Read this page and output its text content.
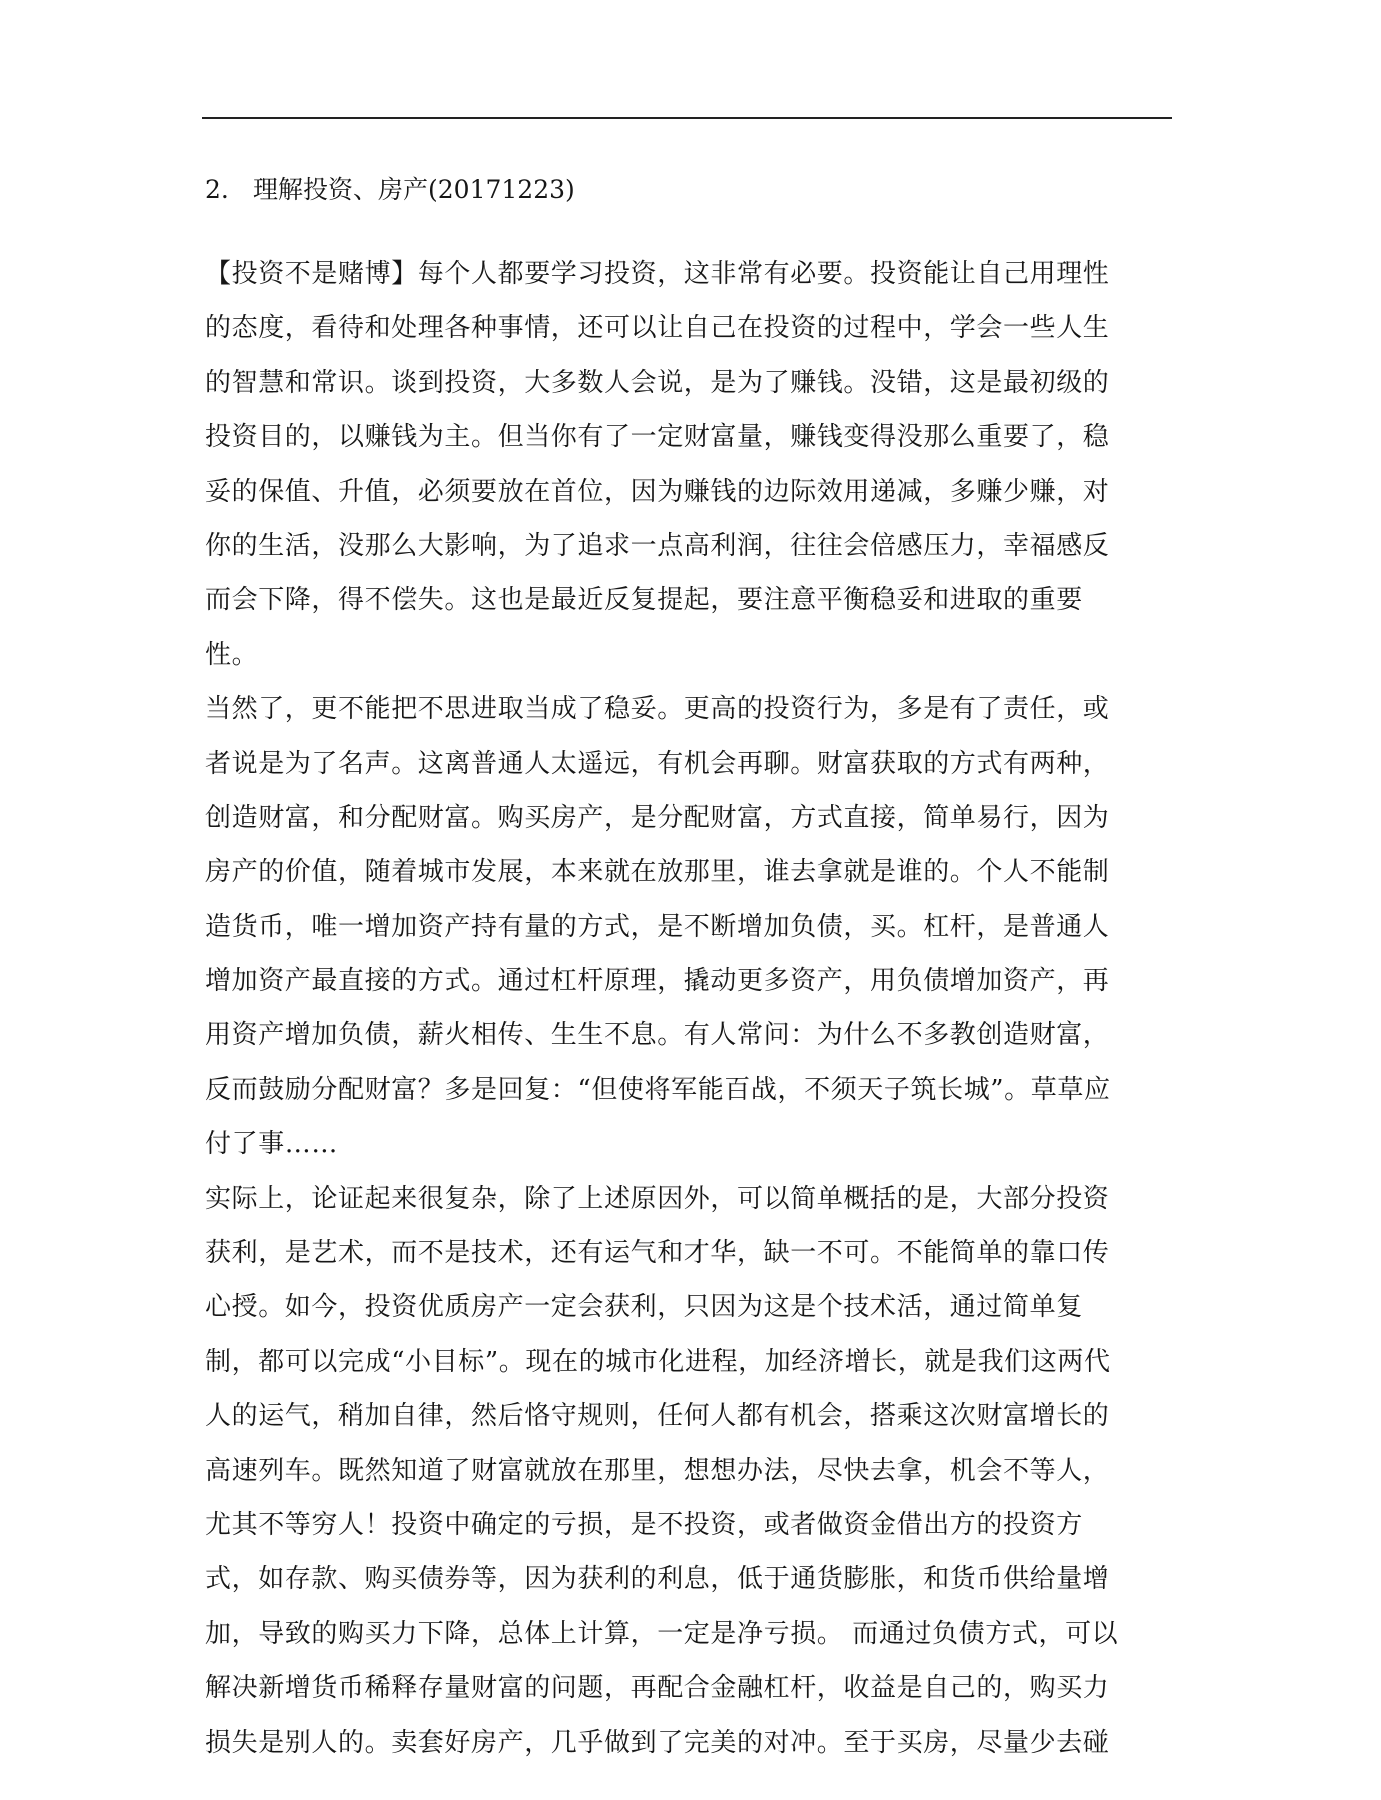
2. 理解投资、房产(20171223)
【投资不是赌博】每个人都要学习投资，这非常有必要。投资能让自己用理性
的态度，看待和处理各种事情，还可以让自己在投资的过程中，学会一些人生
的智慧和常识。谈到投资，大多数人会说，是为了赚钱。没错，这是最初级的
投资目的，以赚钱为主。但当你有了一定财富量，赚钱变得没那么重要了，稳
妥的保值、升值，必须要放在首位，因为赚钱的边际效用递减，多赚少赚，对
你的生活，没那么大影响，为了追求一点高利润，往往会倍感压力，幸福感反
而会下降，得不偿失。这也是最近反复提起，要注意平衡稳妥和进取的重要
性。
当然了，更不能把不思进取当成了稳妥。更高的投资行为，多是有了责任，或
者说是为了名声。这离普通人太遥远，有机会再聊。财富获取的方式有两种，
创造财富，和分配财富。购买房产，是分配财富，方式直接，简单易行，因为
房产的价值，随着城市发展，本来就在放那里，谁去拿就是谁的。个人不能制
造货币，唯一增加资产持有量的方式，是不断增加负债，买。杠杆，是普通人
增加资产最直接的方式。通过杠杆原理，撬动更多资产，用负债增加资产，再
用资产增加负债，薪火相传、生生不息。有人常问：为什么不多教创造财富，
反而鼓励分配财富？多是回复：“但使将军能百战，不须天子筑长城”。草草应
付了事……
实际上，论证起来很复杂，除了上述原因外，可以简单概括的是，大部分投资
获利，是艺术，而不是技术，还有运气和才华，缺一不可。不能简单的靠口传
心授。如今，投资优质房产一定会获利，只因为这是个技术活，通过简单复
制，都可以完成“小目标”。现在的城市化进程，加经济增长，就是我们这两代
人的运气，稍加自律，然后恪守规则，任何人都有机会，搭乘这次财富增长的
高速列车。既然知道了财富就放在那里，想想办法，尽快去拿，机会不等人，
尤其不等穷人！投资中确定的亏损，是不投资，或者做资金借出方的投资方
式，如存款、购买债券等，因为获利的利息，低于通货膨胀，和货币供给量增
加，导致的购买力下降，总体上计算，一定是净亏损。 而通过负债方式，可以
解决新增货币稀释存量财富的问题，再配合金融杠杆，收益是自己的，购买力
损失是别人的。卖套好房产，几乎做到了完美的对冲。至于买房，尽量少去碰
